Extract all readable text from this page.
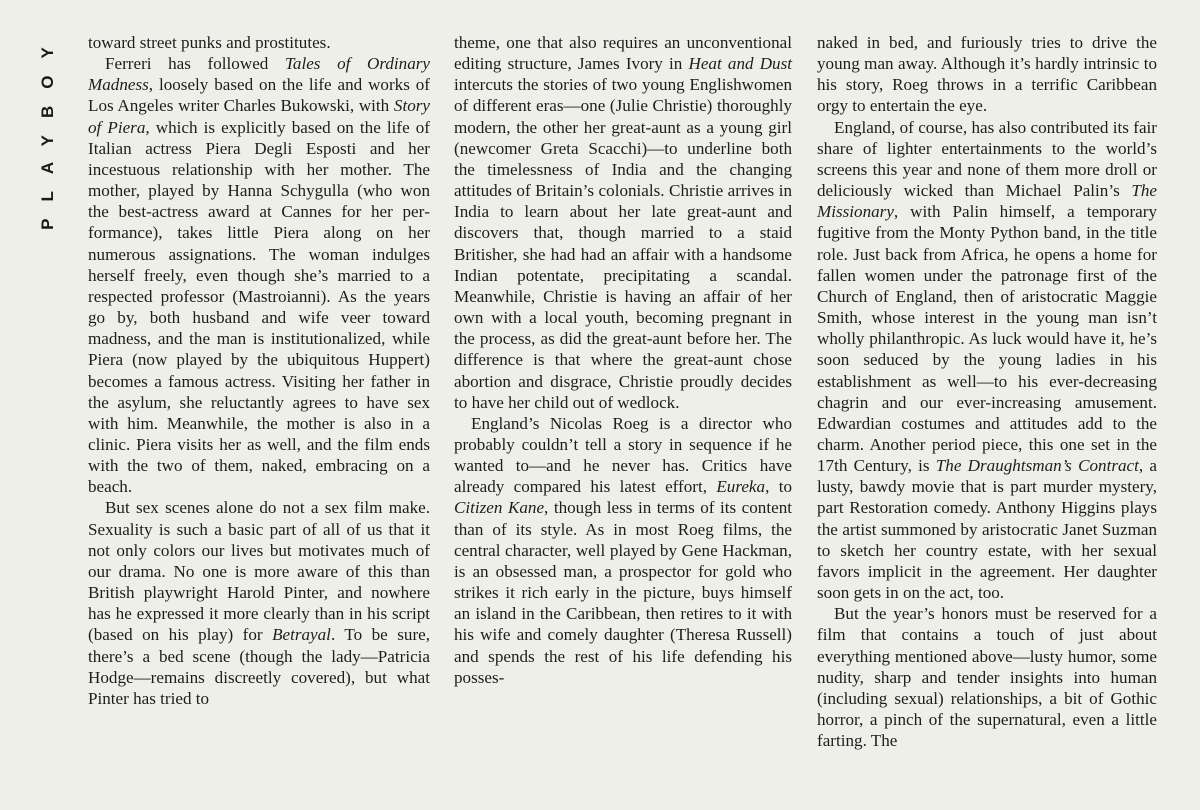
PLAYBOY toward street punks and prostitutes.

Ferreri has followed Tales of Ordinary Madness, loosely based on the life and works of Los Angeles writer Charles Bukowski, with Story of Piera, which is explicitly based on the life of Italian actress Piera Degli Esposti and her incestuous relationship with her mother. The mother, played by Hanna Schygulla (who won the best-actress award at Cannes for her performance), takes little Piera along on her numerous assignations. The woman indulges herself freely, even though she’s married to a respected professor (Mastroianni). As the years go by, both husband and wife veer toward madness, and the man is institutionalized, while Piera (now played by the ubiquitous Huppert) becomes a famous actress. Visiting her father in the asylum, she reluctantly agrees to have sex with him. Meanwhile, the mother is also in a clinic. Piera visits her as well, and the film ends with the two of them, naked, embracing on a beach.

But sex scenes alone do not a sex film make. Sexuality is such a basic part of all of us that it not only colors our lives but motivates much of our drama. No one is more aware of this than British playwright Harold Pinter, and nowhere has he expressed it more clearly than in his script (based on his play) for Betrayal. To be sure, there’s a bed scene (though the lady—Patricia Hodge—remains discreetly covered), but what Pinter has tried to

theme, one that also requires an unconventional editing structure, James Ivory in Heat and Dust intercuts the stories of two young Englishwomen of different eras—one (Julie Christie) thoroughly modern, the other her great-aunt as a young girl (newcomer Greta Scacchi)—to underline both the timelessness of India and the changing attitudes of Britain’s colonials. Christie arrives in India to learn about her late great-aunt and discovers that, though married to a staid Britisher, she had had an affair with a handsome Indian potentate, precipitating a scandal. Meanwhile, Christie is having an affair of her own with a local youth, becoming pregnant in the process, as did the great-aunt before her. The difference is that where the great-aunt chose abortion and disgrace, Christie proudly decides to have her child out of wedlock.

England’s Nicolas Roeg is a director who probably couldn’t tell a story in sequence if he wanted to—and he never has. Critics have already compared his latest effort, Eureka, to Citizen Kane, though less in terms of its content than of its style. As in most Roeg films, the central character, well played by Gene Hackman, is an obsessed man, a prospector for gold who strikes it rich early in the picture, buys himself an island in the Caribbean, then retires to it with his wife and comely daughter (Theresa Russell) and spends the rest of his life defending his posses-

naked in bed, and furiously tries to drive the young man away. Although it’s hardly intrinsic to his story, Roeg throws in a terrific Caribbean orgy to entertain the eye.

England, of course, has also contributed its fair share of lighter entertainments to the world’s screens this year and none of them more droll or deliciously wicked than Michael Palin’s The Missionary, with Palin himself, a temporary fugitive from the Monty Python band, in the title role. Just back from Africa, he opens a home for fallen women under the patronage first of the Church of England, then of aristocratic Maggie Smith, whose interest in the young man isn’t wholly philanthropic. As luck would have it, he’s soon seduced by the young ladies in his establishment as well—to his ever-decreasing chagrin and our ever-increasing amusement. Edwardian costumes and attitudes add to the charm. Another period piece, this one set in the 17th Century, is The Draughtsman’s Contract, a lusty, bawdy movie that is part murder mystery, part Restoration comedy. Anthony Higgins plays the artist summoned by aristocratic Janet Suzman to sketch her country estate, with her sexual favors implicit in the agreement. Her daughter soon gets in on the act, too.

But the year’s honors must be reserved for a film that contains a touch of just about everything mentioned above—lusty humor, some nudity, sharp and tender insights into human (including sexual) relationships, a bit of Gothic horror, a pinch of the supernatural, even a little farting. The
